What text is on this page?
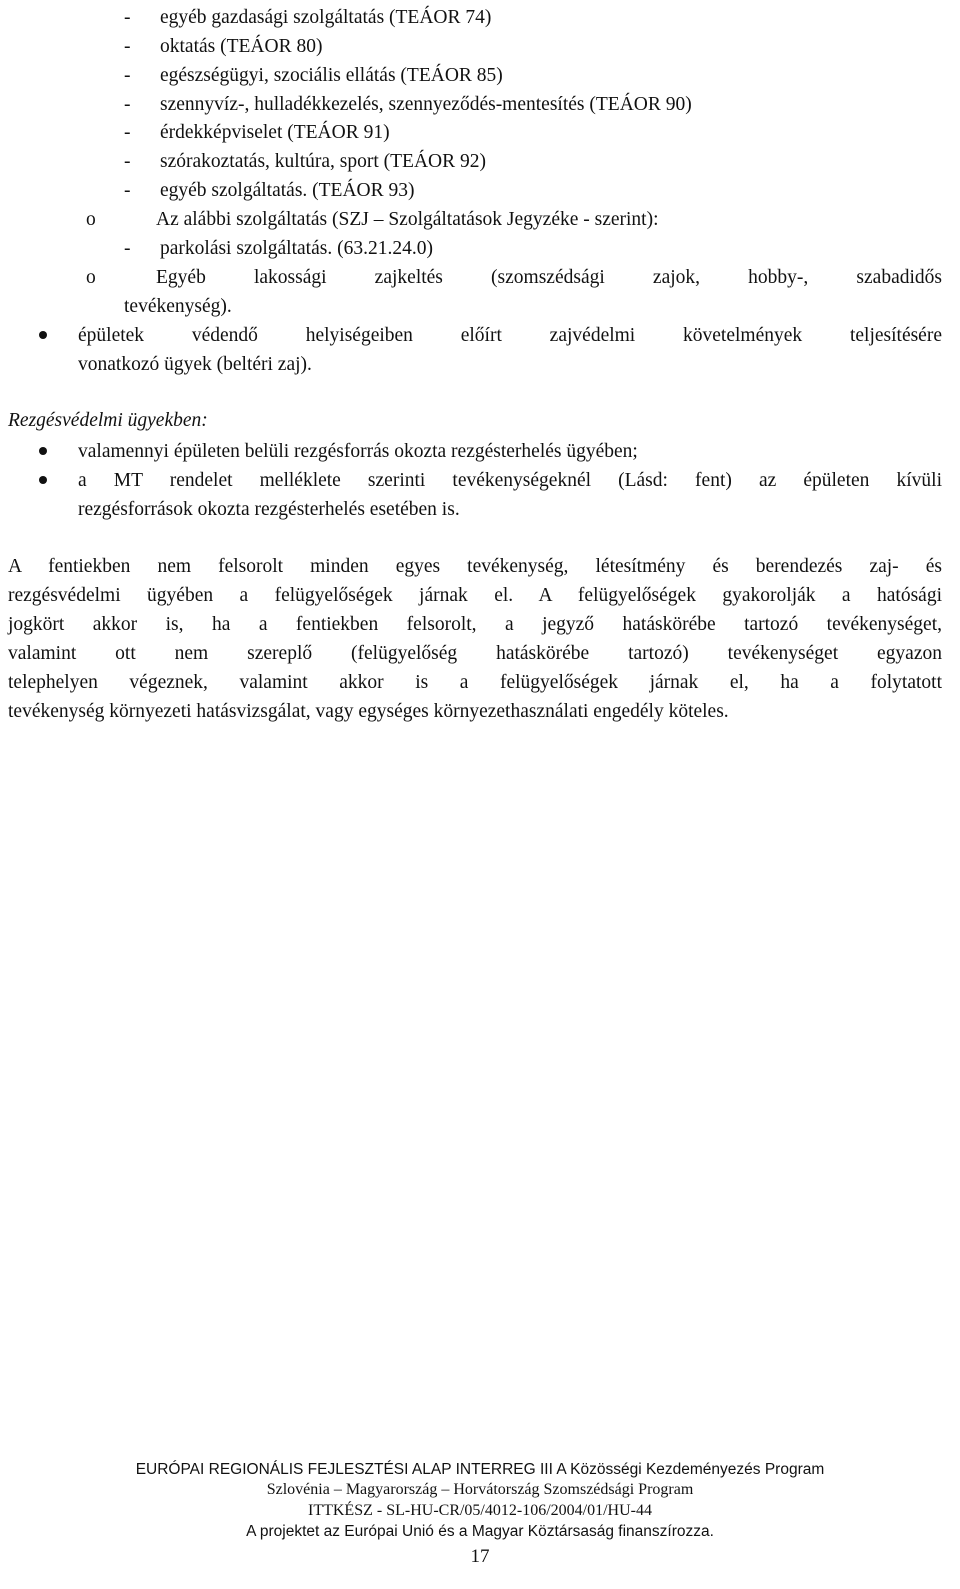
- egyéb gazdasági szolgáltatás (TEÁOR 74)
- oktatás (TEÁOR 80)
- egészségügyi, szociális ellátás (TEÁOR 85)
- szennyvíz-, hulladékkezelés, szennyeződés-mentesítés (TEÁOR 90)
- érdekképviselet (TEÁOR 91)
- szórakoztatás, kultúra, sport (TEÁOR 92)
- egyéb szolgáltatás. (TEÁOR 93)
o	Az alábbi szolgáltatás (SZJ – Szolgáltatások Jegyzéke - szerint):
- parkolási szolgáltatás. (63.21.24.0)
o	Egyéb lakossági zajkeltés (szomszédsági zajok, hobby-, szabadidős
tevékenység).
épületek védendő helyiségeiben előírt zajvédelmi követelmények teljesítésére
vonatkozó ügyek (beltéri zaj).
Rezgésvédelmi ügyekben:
valamennyi épületen belüli rezgésforrás okozta rezgésterhelés ügyében;
a MT rendelet melléklete szerinti tevékenységeknél (Lásd: fent) az épületen kívüli
rezgésforrások okozta rezgésterhelés esetében is.
A fentiekben nem felsorolt minden egyes tevékenység, létesítmény és berendezés zaj- és
rezgésvédelmi ügyében a felügyelőségek járnak el. A felügyelőségek gyakorolják a hatósági
jogkört akkor is, ha a fentiekben felsorolt, a jegyző hatáskörébe tartozó tevékenységet,
valamint ott nem szereplő (felügyelőség hatáskörébe tartozó) tevékenységet egyazon
telephelyen végeznek, valamint akkor is a felügyelőségek járnak el, ha a folytatott
tevékenység környezeti hatásvizsgálat, vagy egységes környezethasználati engedély köteles.
EURÓPAI REGIONÁLIS FEJLESZTÉSI ALAP INTERREG III A Közösségi Kezdeményezés Program
Szlovénia – Magyarország – Horvátország Szomszédsági Program
ITTKÉSZ - SL-HU-CR/05/4012-106/2004/01/HU-44
A projektet az Európai Unió és a Magyar Köztársaság finanszírozza.
17
